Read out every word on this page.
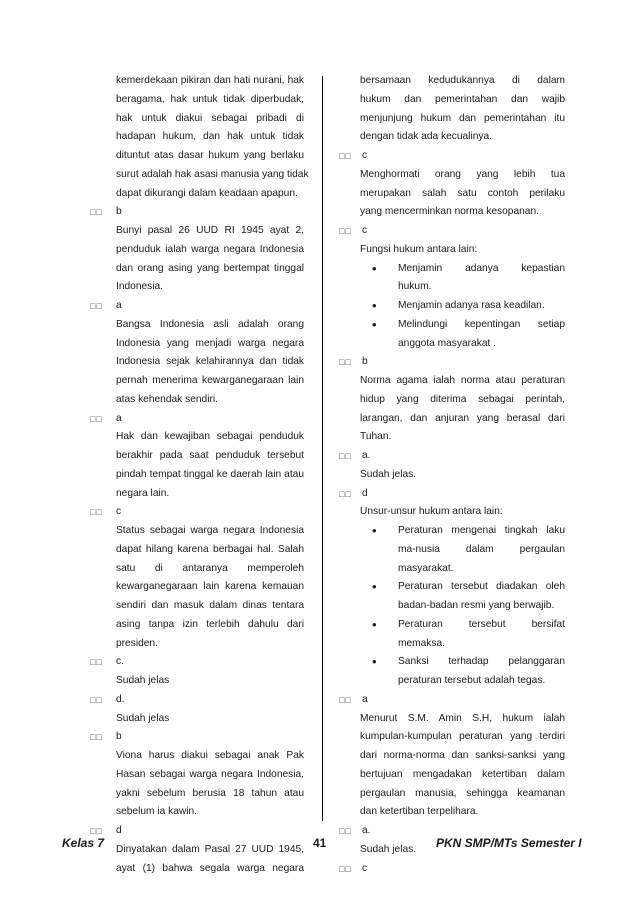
kemerdekaan pikiran dan hati nurani, hak
beragama, hak untuk tidak diperbudak,
hak untuk diakui sebagai pribadi di
hadapan hukum, dan hak untuk tidak
dituntut atas dasar hukum yang berlaku
surut adalah hak asasi manusia yang tidak
dapat dikurangi dalam keadaan apapun.
□□ b
Bunyi pasal 26 UUD RI 1945 ayat 2,
penduduk ialah warga negara Indonesia
dan orang asing yang bertempat tinggal
Indonesia.
□□ a
Bangsa Indonesia asli adalah orang
Indonesia yang menjadi warga negara
Indonesia sejak kelahirannya dan tidak
pernah menerima kewarganegaraan lain
atas kehendak sendiri.
□□ a
Hak dan kewajiban sebagai penduduk
berakhir pada saat penduduk tersebut
pindah tempat tinggal ke daerah lain atau
negara lain.
□□ c
Status sebagai warga negara Indonesia
dapat hilang karena berbagai hal. Salah
satu di antaranya memperoleh
kewarganegaraan lain karena kemauan
sendiri dan masuk dalam dinas tentara
asing tanpa izin terlebih dahulu dari
presiden.
□□ c.
Sudah jelas
□□ d.
Sudah jelas
□□ b
Viona harus diakui sebagai anak Pak
Hasan sebagai warga negara Indonesia,
yakni sebelum berusia 18 tahun atau
sebelum ia kawin.
□□ d
Dinyatakan dalam Pasal 27 UUD 1945,
ayat (1) bahwa segala warga negara
bersamaan kedudukannya di dalam
hukum dan pemerintahan dan wajib
menjunjung hukum dan pemerintahan itu
dengan tidak ada kecualinya.
□□ c
Menghormati orang yang lebih tua
merupakan salah satu contoh perilaku
yang mencerminkan norma kesopanan.
□□ c
Fungsi hukum antara lain:
• Menjamin adanya kepastian
hukum.
• Menjamin adanya rasa keadilan.
• Melindungi kepentingan setiap
anggota masyarakat .
□□ b
Norma agama ialah norma atau peraturan
hidup yang diterima sebagai perintah,
larangan, dan anjuran yang berasal dari
Tuhan.
□□ a.
Sudah jelas.
□□ d
Unsur-unsur hukum antara lain:
• Peraturan mengenai tingkah laku
ma-nusia dalam pergaulan
masyarakat.
• Peraturan tersebut diadakan oleh
badan-badan resmi yang berwajib.
• Peraturan tersebut bersifat
memaksa.
• Sanksi terhadap pelanggaran
peraturan tersebut adalah tegas.
□□ a
Menurut S.M. Amin S.H, hukum ialah
kumpulan-kumpulan peraturan yang terdiri
dari norma-norma dan sanksi-sanksi yang
bertujuan mengadakan ketertiban dalam
pergaulan manusia, sehingga keamanan
dan ketertiban terpelihara.
□□ a.
Sudah jelas.
□□ c
Kelas 7	41	PKN SMP/MTs Semester I
